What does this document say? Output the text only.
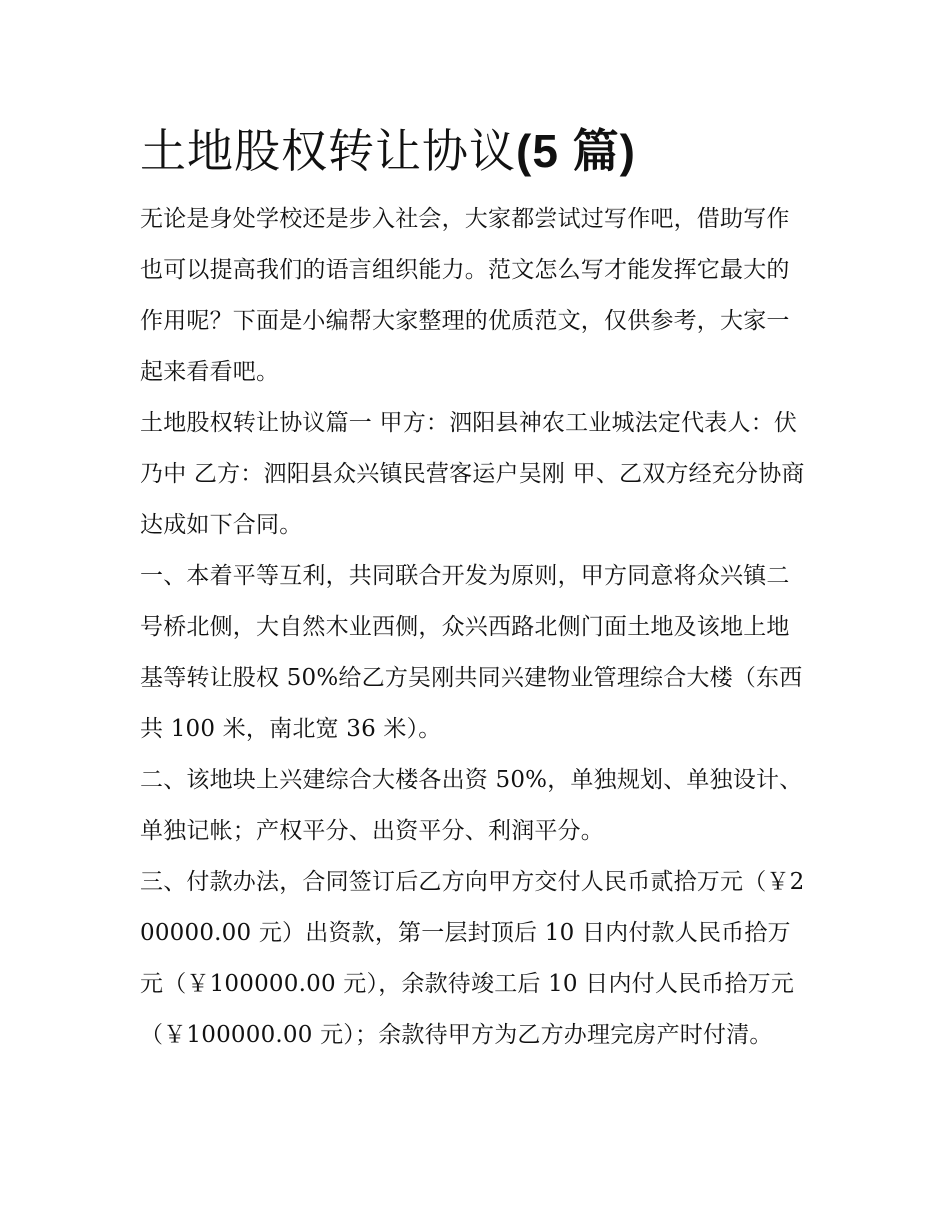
土地股权转让协议(5 篇)

无论是身处学校还是步入社会，大家都尝试过写作吧，借助写作也可以提高我们的语言组织能力。范文怎么写才能发挥它最大的作用呢？下面是小编帮大家整理的优质范文，仅供参考，大家一起来看看吧。

土地股权转让协议篇一 甲方：泗阳县神农工业城法定代表人：伏乃中 乙方：泗阳县众兴镇民营客运户吴刚 甲、乙双方经充分协商达成如下合同。

一、本着平等互利，共同联合开发为原则，甲方同意将众兴镇二号桥北侧，大自然木业西侧，众兴西路北侧门面土地及该地上地基等转让股权 50%给乙方吴刚共同兴建物业管理综合大楼（东西共 100 米，南北宽 36 米）。

二、该地块上兴建综合大楼各出资 50%，单独规划、单独设计、单独记帐；产权平分、出资平分、利润平分。

三、付款办法，合同签订后乙方向甲方交付人民币贰拾万元（￥200000.00 元）出资款，第一层封顶后 10 日内付款人民币拾万元（￥100000.00 元），余款待竣工后 10 日内付人民币拾万元（￥100000.00 元）；余款待甲方为乙方办理完房产时付清。
